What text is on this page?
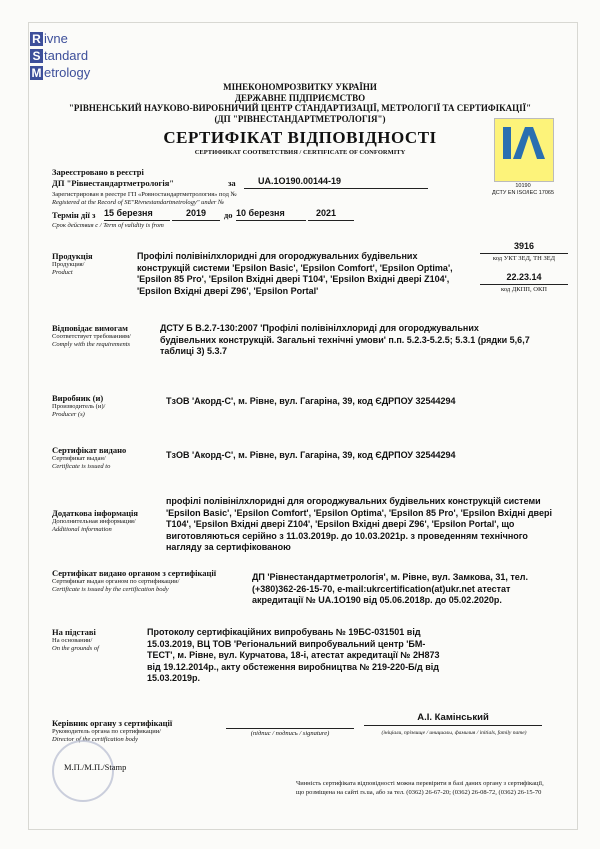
R ivne
S tandard
M etrology
МІНЕКОНОМРОЗВИТКУ УКРАЇНИ
ДЕРЖАВНЕ ПІДПРИЄМСТВО
"РІВНЕНСЬКИЙ НАУКОВО-ВИРОБНИЧИЙ ЦЕНТР СТАНДАРТИЗАЦІЇ, МЕТРОЛОГІЇ ТА СЕРТИФІКАЦІЇ"
(ДП "РІВНЕСТАНДАРТМЕТРОЛОГІЯ")
СЕРТИФІКАТ ВІДПОВІДНОСТІ
СЕРТИФИКАТ СООТВЕТСТВИЯ / CERTIFICATE OF CONFORMITY
10190
ДСТУ EN ISO/IEC 17065
Зареєстровано в реєстрі
ДП "Рівнестандартметрологія"	за	UA.1O190.00144-19
Зарегистрирован в реестре ГП «Ровностандартметрология» под №
Registered at the Record of SE"Rivnestandartmetrology" under №
Термін дії з 15 березня	2019	до 10 березня	2021
Срок действия с / Term of validity is from
Продукція
Продукция/
Product
Профілі полівінілхлоридні для огороджувальних будівельних конструкцій системи 'Epsilon Basic', 'Epsilon Comfort', 'Epsilon Optima', 'Epsilon 85 Pro', 'Epsilon Вхідні двері T104', 'Epsilon Вхідні двері Z104', 'Epsilon Вхідні двері Z96', 'Epsilon Portal'
3916
код УКТ ЗЕД, ТН ЗЕД
22.23.14
код ДКПП, ОКП
Відповідає вимогам
Соответствует требованиям/
Comply with the requirements
ДСТУ Б В.2.7-130:2007 'Профілі полівінілхлориді для огороджувальних будівельних конструкцій. Загальні технічні умови' п.п. 5.2.3-5.2.5; 5.3.1 (рядки 5,6,7 таблиці 3) 5.3.7
Виробник (и)
Производитель (и)/
Producer (s)
ТзОВ 'Акорд-С', м. Рівне, вул. Гагаріна, 39, код ЄДРПОУ 32544294
Сертифікат видано
Сертификат выдан/
Certificate is issued to
ТзОВ 'Акорд-С', м. Рівне, вул. Гагаріна, 39, код ЄДРПОУ 32544294
Додаткова інформація
Дополнительная информация/
Additional information
профілі полівінілхлоридні для огороджувальних будівельних конструкцій системи 'Epsilon Basic', 'Epsilon Comfort', 'Epsilon Optima', 'Epsilon 85 Pro', 'Epsilon Вхідні двері T104', 'Epsilon Вхідні двері Z104', 'Epsilon Вхідні двері Z96', 'Epsilon Portal', що виготовляються серійно з 11.03.2019р. до 10.03.2021р. з проведенням технічного нагляду за сертифікованою
Сертифікат видано органом з сертифікації
Сертификат выдан органом по сертификации/
Certificate is issued by the certification body
ДП 'Рівнестандартметрологія', м. Рівне, вул. Замкова, 31, тел. (+380)362-26-15-70, e-mail:ukrcertification(at)ukr.net атестат акредитації № UA.1O190 від 05.06.2018р. до 05.02.2020р.
На підставі
На основании/
On the grounds of
Протоколу сертифікаційних випробувань № 19БС-031501 від 15.03.2019, ВЦ ТОВ 'Регіональний випробувальний центр 'БМ-ТЕСТ', м. Рівне, вул. Курчатова, 18-і, атестат акредитації № 2Н873 від 19.12.2014р., акту обстеження виробництва № 219-220-Б/д від 15.03.2019р.
Керівник органу з сертифікації
Руководитель органа по сертификации/
Director of the certification body
(підпис / подпись / signature)
А.І. Камінський
(ініціали, прізвище / инициалы, фамилия / initials, family name)
М.П./М.П./Stamp
Чинність сертифіката відповідності можна перевірити в базі даних органу з сертифікації, що розміщена на сайті rs.ua, або за тел. (0362) 26-67-20; (0362) 26-08-72, (0362) 26-15-70
